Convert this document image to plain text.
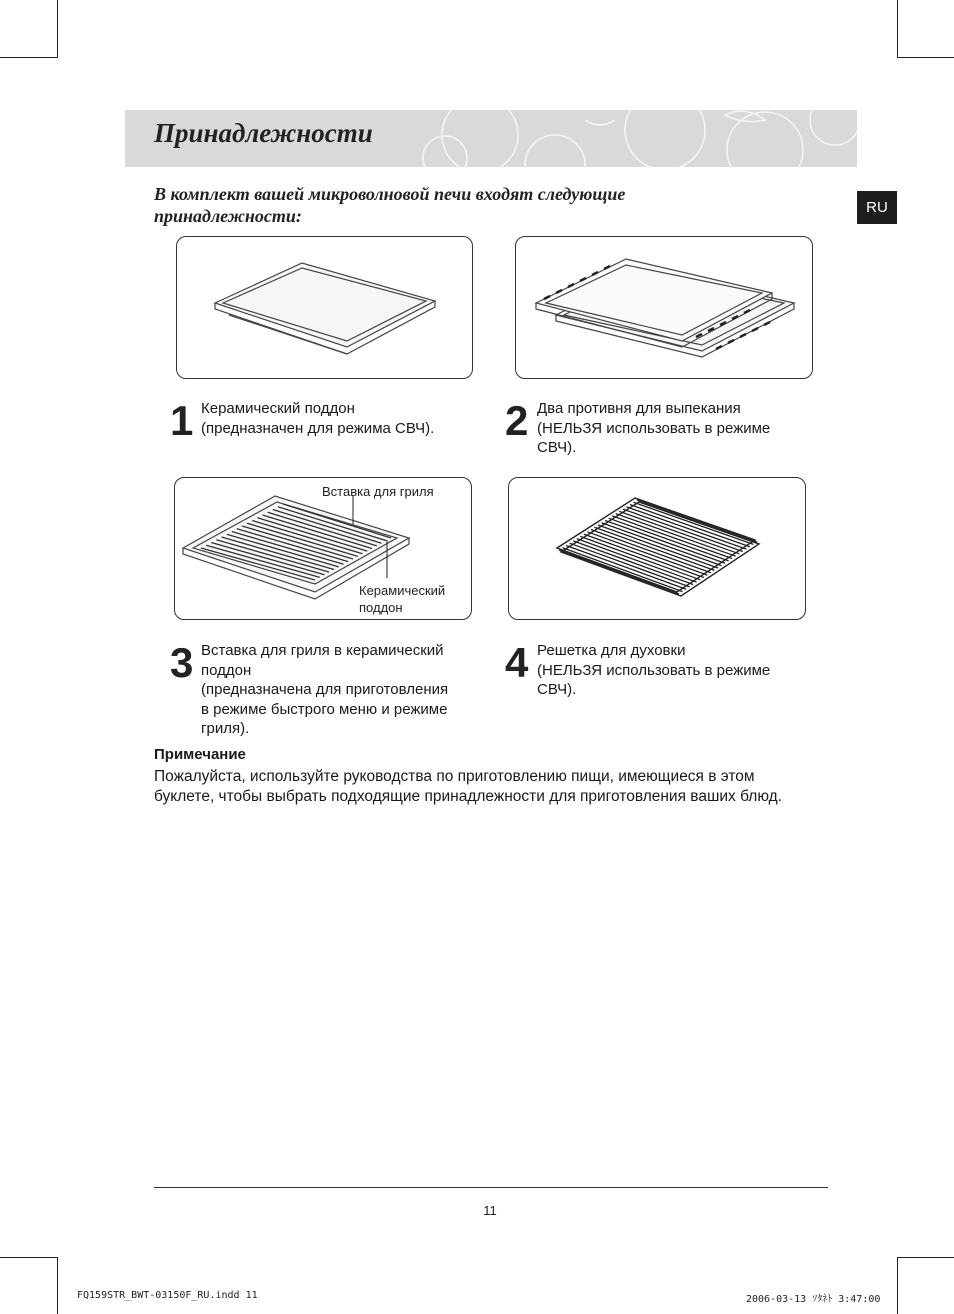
Принадлежности
RU
В комплект вашей микроволновой печи входят следующие
принадлежности:
1 Керамический поддон
(предназначен для режима СВЧ).	2 Два противня для выпекания
(НЕЛЬЗЯ использовать в режиме
СВЧ).
Вставка для гриля
Керамический
поддон
3 Вставка для гриля в керамический
поддон
(предназначена для приготовления
в режиме быстрого меню и режиме
гриля).
4 Решетка для духовки
(НЕЛЬЗЯ использовать в режиме
СВЧ).
Примечание
Пожалуйста, используйте руководства по приготовлению пищи, имеющиеся в этом
буклете, чтобы выбрать подходящие принадлежности для приготовления ваших блюд.
11
FQ159STR_BWT-03150F_RU.indd 11	2006-03-13 ｿﾀﾈﾄ 3:47:00
